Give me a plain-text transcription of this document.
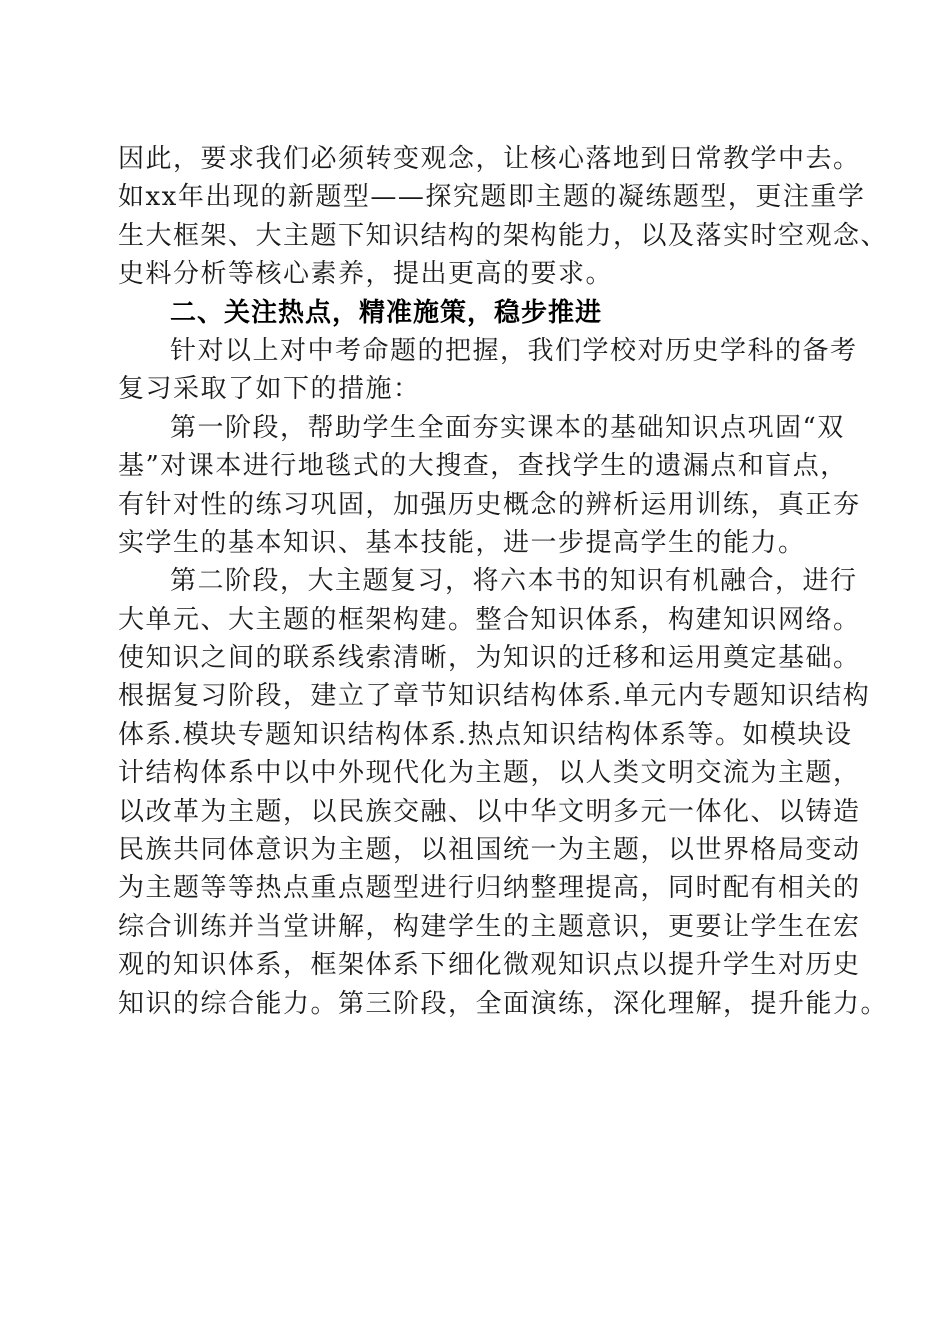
因此，要求我们必须转变观念，让核心落地到日常教学中去。
如xx年出现的新题型——探究题即主题的凝练题型，更注重学
生大框架、大主题下知识结构的架构能力，以及落实时空观念、
史料分析等核心素养，提出更高的要求。
二、关注热点，精准施策，稳步推进
针对以上对中考命题的把握，我们学校对历史学科的备考
复习采取了如下的措施：
第一阶段，帮助学生全面夯实课本的基础知识点巩固“双
基”对课本进行地毯式的大搜查，查找学生的遗漏点和盲点，
有针对性的练习巩固，加强历史概念的辨析运用训练，真正夯
实学生的基本知识、基本技能，进一步提高学生的能力。
第二阶段，大主题复习，将六本书的知识有机融合，进行
大单元、大主题的框架构建。整合知识体系，构建知识网络。
使知识之间的联系线索清晰，为知识的迁移和运用奠定基础。
根据复习阶段，建立了章节知识结构体系.单元内专题知识结构
体系.模块专题知识结构体系.热点知识结构体系等。如模块设
计结构体系中以中外现代化为主题，以人类文明交流为主题，
以改革为主题，以民族交融、以中华文明多元一体化、以铸造
民族共同体意识为主题，以祖国统一为主题，以世界格局变动
为主题等等热点重点题型进行归纳整理提高，同时配有相关的
综合训练并当堂讲解，构建学生的主题意识，更要让学生在宏
观的知识体系，框架体系下细化微观知识点以提升学生对历史
知识的综合能力。第三阶段，全面演练，深化理解，提升能力。
